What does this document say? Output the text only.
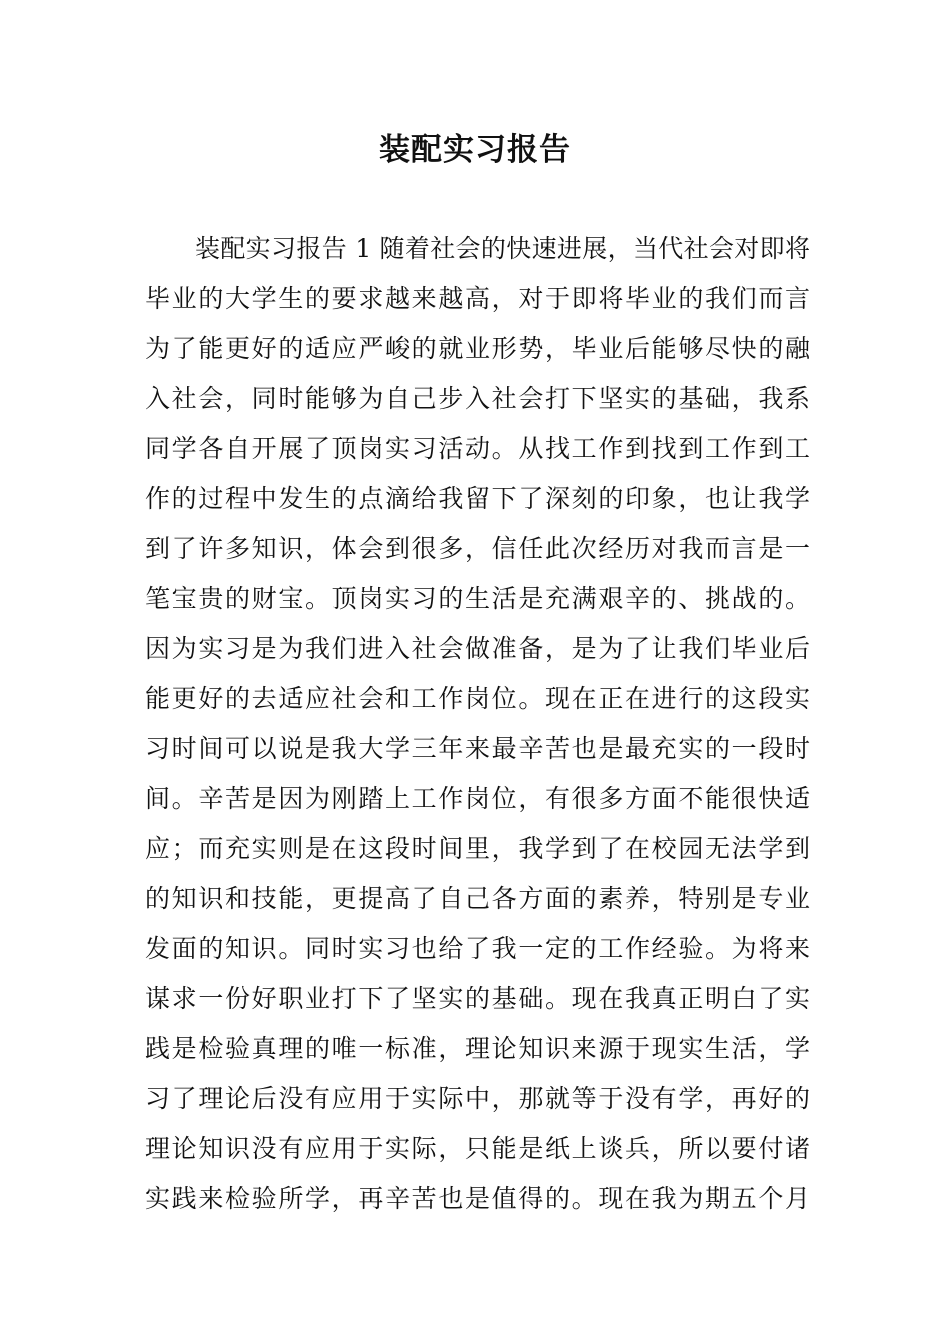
装配实习报告
装配实习报告 1 随着社会的快速进展，当代社会对即将
毕业的大学生的要求越来越高，对于即将毕业的我们而言
为了能更好的适应严峻的就业形势，毕业后能够尽快的融
入社会，同时能够为自己步入社会打下坚实的基础，我系
同学各自开展了顶岗实习活动。从找工作到找到工作到工
作的过程中发生的点滴给我留下了深刻的印象，也让我学
到了许多知识，体会到很多，信任此次经历对我而言是一
笔宝贵的财宝。顶岗实习的生活是充满艰辛的、挑战的。
因为实习是为我们进入社会做准备，是为了让我们毕业后
能更好的去适应社会和工作岗位。现在正在进行的这段实
习时间可以说是我大学三年来最辛苦也是最充实的一段时
间。辛苦是因为刚踏上工作岗位，有很多方面不能很快适
应；而充实则是在这段时间里，我学到了在校园无法学到
的知识和技能，更提高了自己各方面的素养，特别是专业
发面的知识。同时实习也给了我一定的工作经验。为将来
谋求一份好职业打下了坚实的基础。现在我真正明白了实
践是检验真理的唯一标准，理论知识来源于现实生活，学
习了理论后没有应用于实际中，那就等于没有学，再好的
理论知识没有应用于实际，只能是纸上谈兵，所以要付诸
实践来检验所学，再辛苦也是值得的。现在我为期五个月
